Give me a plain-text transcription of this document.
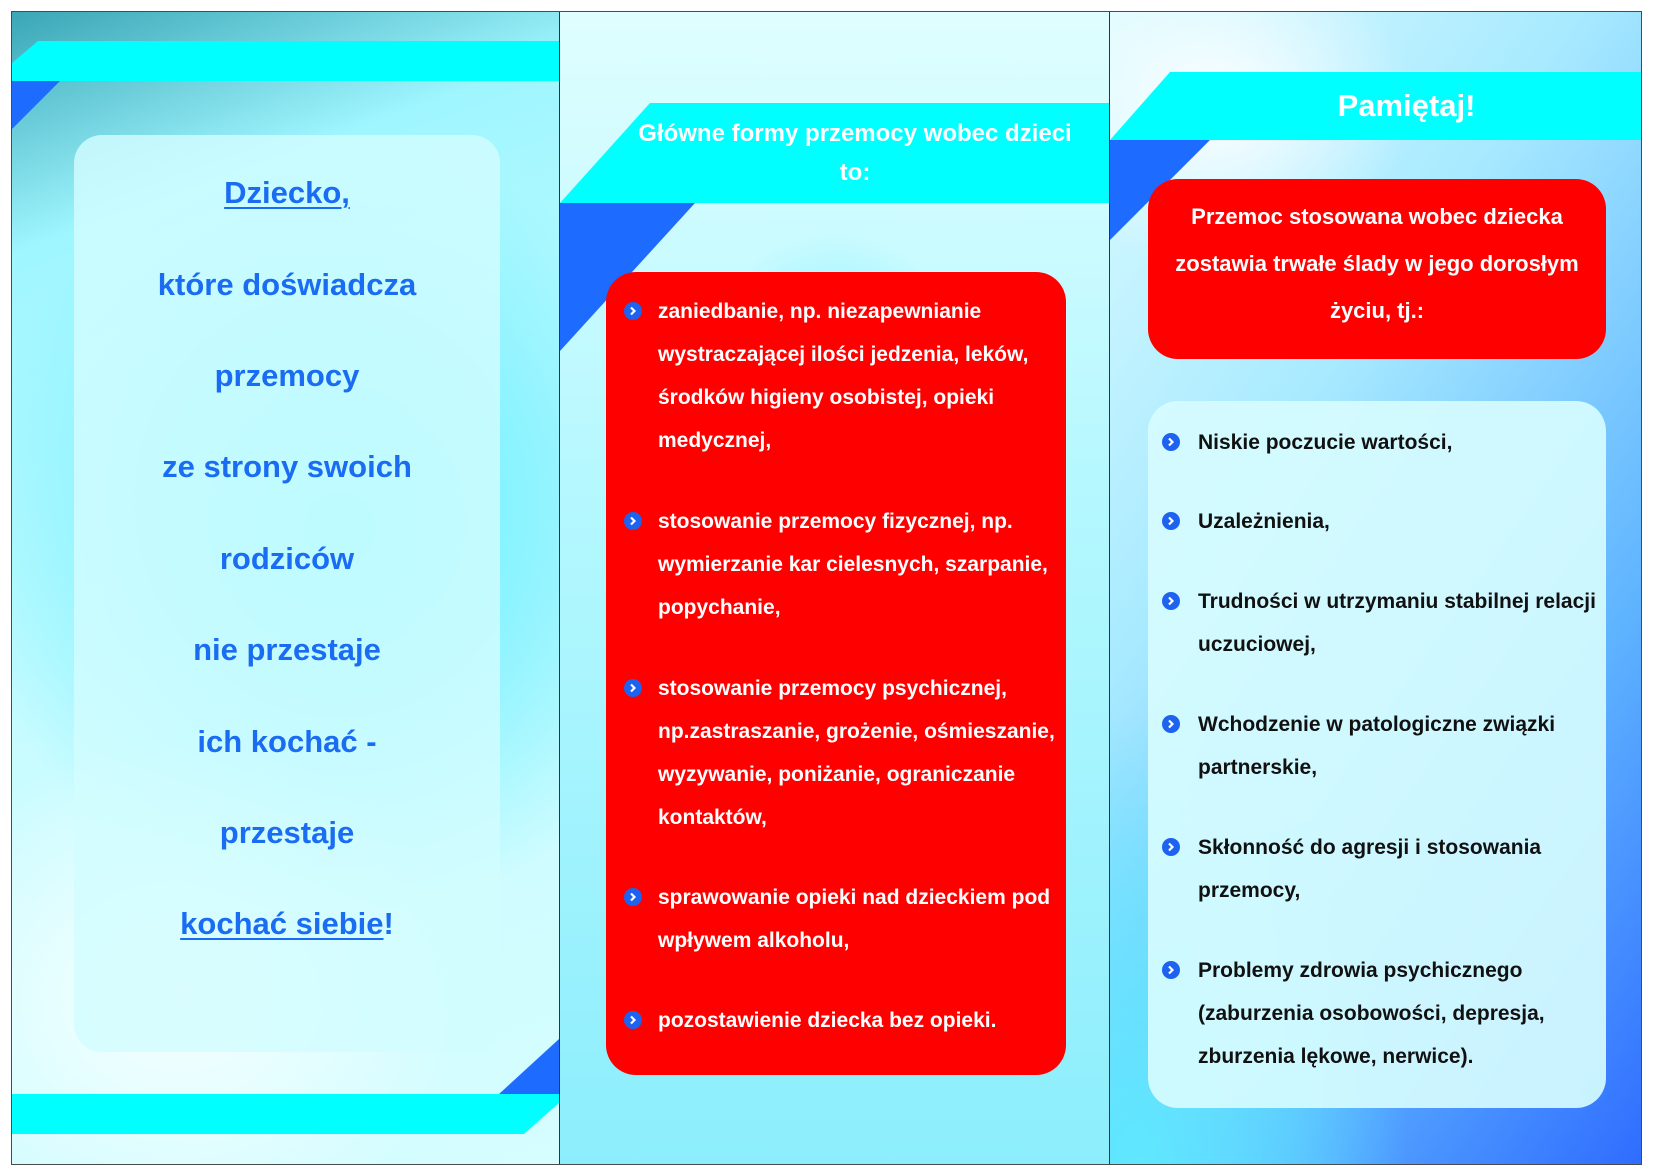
Dziecko,

które doświadcza

przemocy

ze strony swoich

rodziców

nie przestaje

ich kochać -

przestaje

kochać siebie!

Główne formy przemocy wobec dzieci to:

zaniedbanie, np. niezapewnianie wystraczającej ilości jedzenia, leków, środków higieny osobistej, opieki medycznej,
stosowanie przemocy fizycznej, np. wymierzanie kar cielesnych, szarpanie, popychanie,
stosowanie przemocy psychicznej, np.zastraszanie, grożenie, ośmieszanie, wyzywanie, poniżanie, ograniczanie kontaktów,
sprawowanie opieki nad dzieckiem pod wpływem alkoholu,
pozostawienie dziecka bez opieki.

Pamiętaj!

Przemoc stosowana wobec dziecka zostawia trwałe ślady w jego dorosłym życiu, tj.:

Niskie poczucie wartości,
Uzależnienia,
Trudności w utrzymaniu stabilnej relacji uczuciowej,
Wchodzenie w patologiczne związki partnerskie,
Skłonność do agresji i stosowania przemocy,
Problemy zdrowia psychicznego (zaburzenia osobowości, depresja, zburzenia lękowe, nerwice).
